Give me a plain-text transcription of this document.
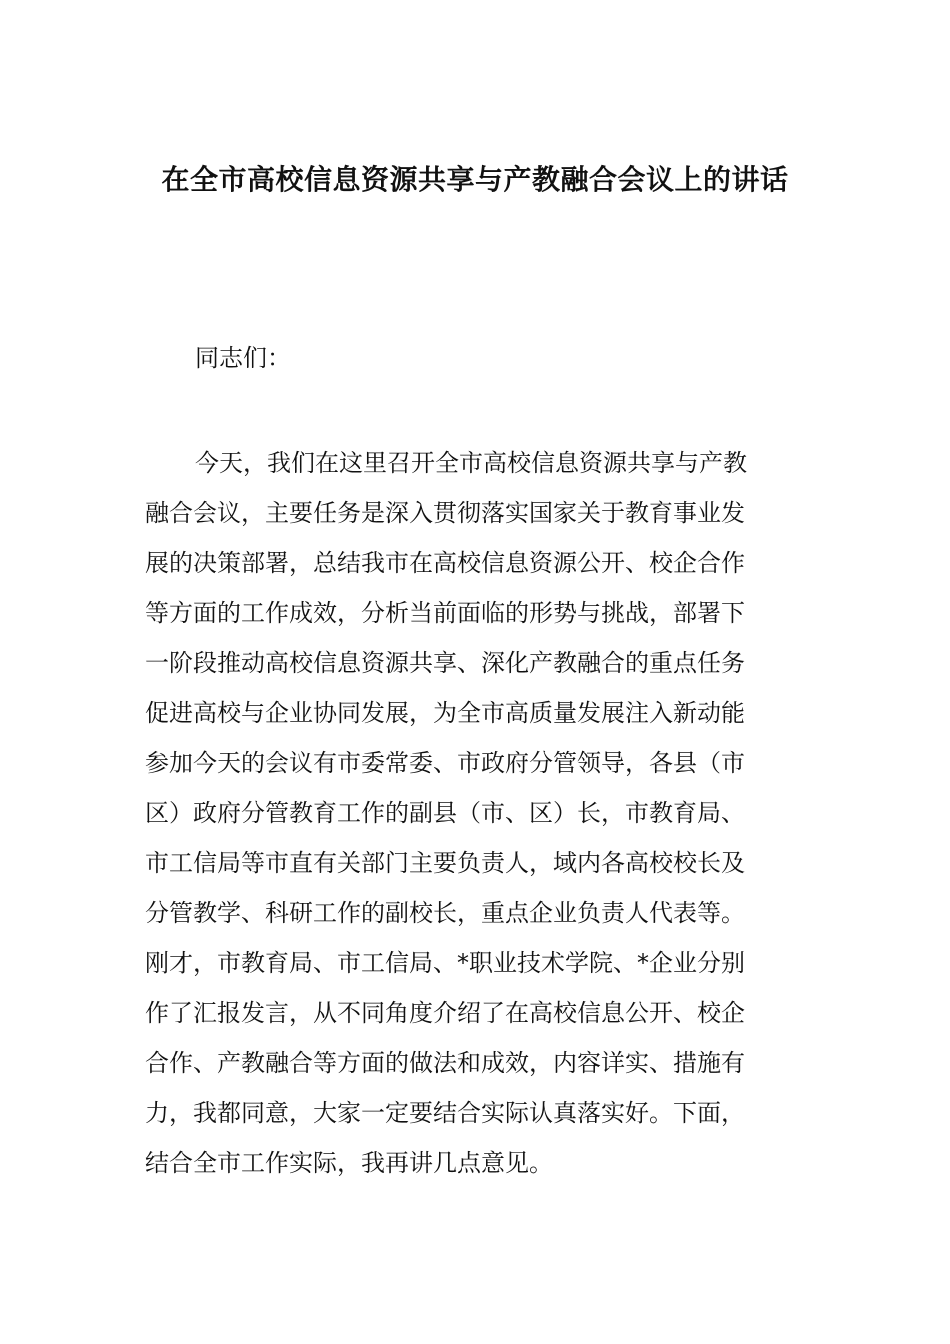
在全市高校信息资源共享与产教融合会议上的讲话
同志们：
今天，我们在这里召开全市高校信息资源共享与产教
融合会议，主要任务是深入贯彻落实国家关于教育事业发
展的决策部署，总结我市在高校信息资源公开、校企合作
等方面的工作成效，分析当前面临的形势与挑战，部署下
一阶段推动高校信息资源共享、深化产教融合的重点任务
促进高校与企业协同发展，为全市高质量发展注入新动能
参加今天的会议有市委常委、市政府分管领导，各县（市
区）政府分管教育工作的副县（市、区）长，市教育局、
市工信局等市直有关部门主要负责人，域内各高校校长及
分管教学、科研工作的副校长，重点企业负责人代表等。
刚才，市教育局、市工信局、*职业技术学院、*企业分别
作了汇报发言，从不同角度介绍了在高校信息公开、校企
合作、产教融合等方面的做法和成效，内容详实、措施有
力，我都同意，大家一定要结合实际认真落实好。下面，
结合全市工作实际，我再讲几点意见。
